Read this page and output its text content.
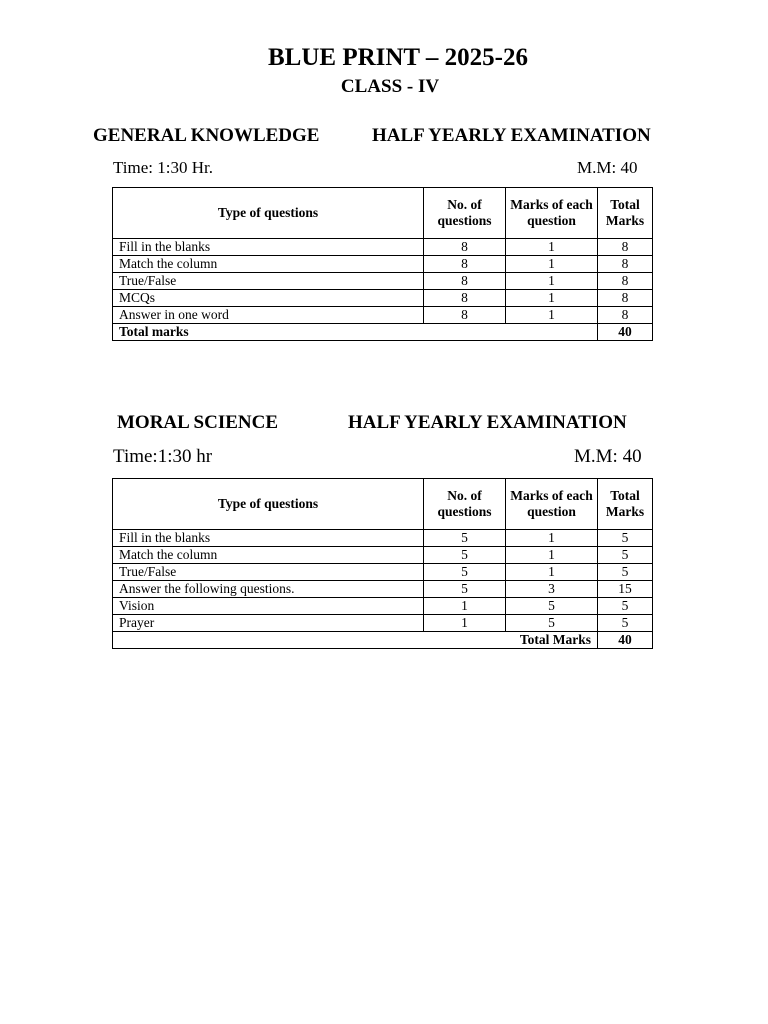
BLUE PRINT – 2025-26
CLASS - IV
GENERAL KNOWLEDGE	HALF YEARLY EXAMINATION
Time: 1:30 Hr.	M.M: 40
Type of questions	No. of questions	Marks of each question	Total Marks
Fill in the blanks	8	1	8
Match the column	8	1	8
True/False	8	1	8
MCQs	8	1	8
Answer in one word	8	1	8
Total marks			40
MORAL SCIENCE	HALF YEARLY EXAMINATION
Time:1:30 hr	M.M: 40
Type of questions	No. of questions	Marks of each question	Total Marks
Fill in the blanks	5	1	5
Match the column	5	1	5
True/False	5	1	5
Answer the following questions.	5	3	15
Vision	1	5	5
Prayer	1	5	5
Total Marks			40
